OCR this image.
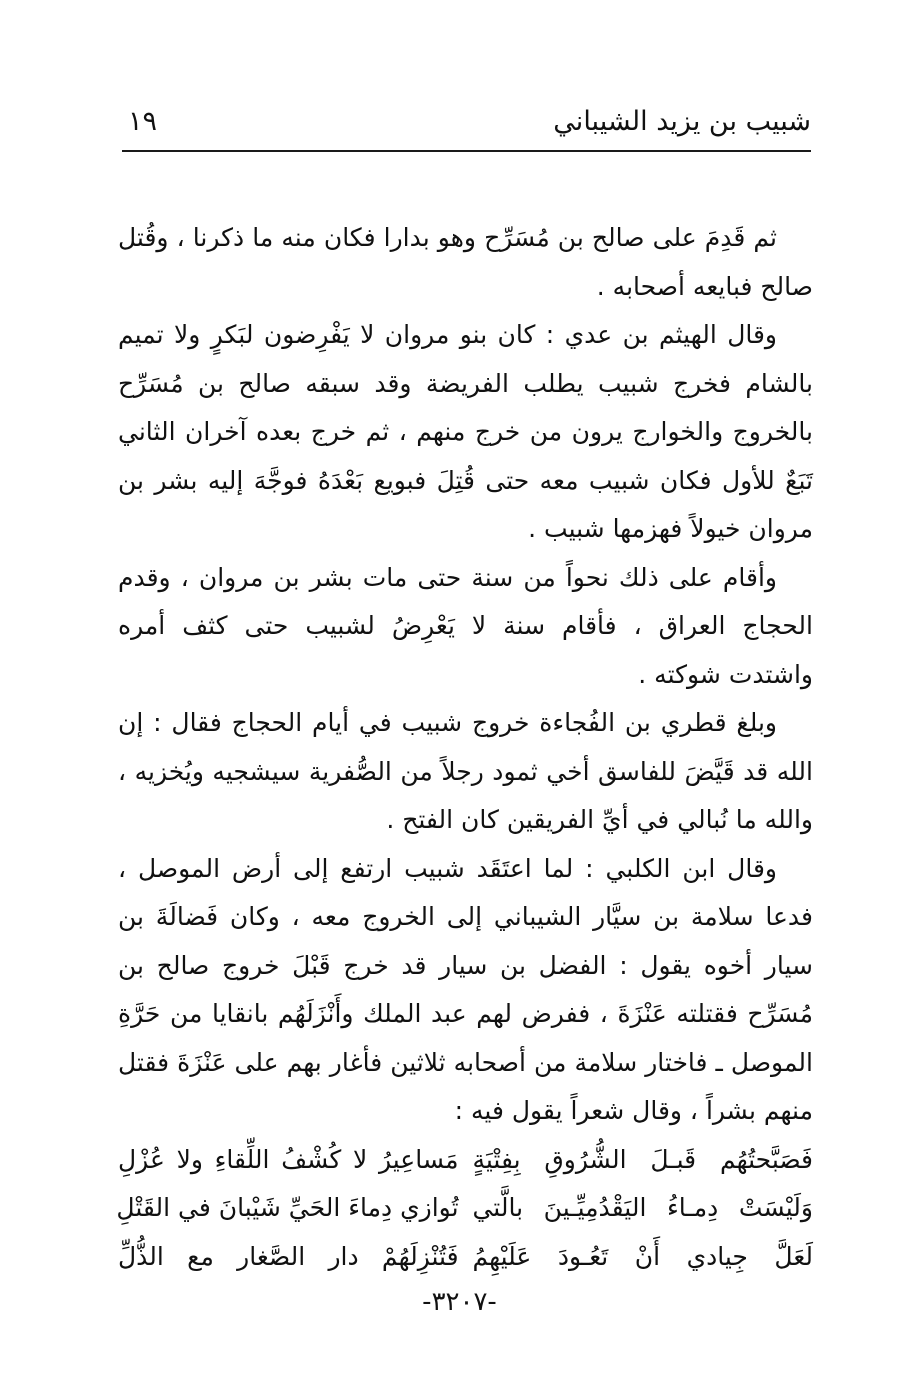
شبيب بن يزيد الشيباني
١٩

ثم قَدِمَ على صالح بن مُسَرِّح وهو بدارا فكان منه ما ذكرنا ، وقُتل صالح فبايعه أصحابه .

وقال الهيثم بن عدي : كان بنو مروان لا يَفْرِضون لبَكرٍ ولا تميم بالشام فخرج شبيب يطلب الفريضة وقد سبقه صالح بن مُسَرِّح بالخروج والخوارج يرون من خرج منهم ، ثم خرج بعده آخران الثاني تَبَعٌ للأول فكان شبيب معه حتى قُتِلَ فبويع بَعْدَهُ فوجَّهَ إليه بشر بن مروان خيولاً فهزمها شبيب .

وأقام على ذلك نحواً من سنة حتى مات بشر بن مروان ، وقدم الحجاج العراق ، فأقام سنة لا يَعْرِضُ لشبيب حتى كثف أمره واشتدت شوكته .

وبلغ قطري بن الفُجاءة خروج شبيب في أيام الحجاج فقال : إن الله قد قَيَّضَ للفاسق أخي ثمود رجلاً من الصُّفرية سيشجيه ويُخزيه ، والله ما نُبالي في أيِّ الفريقين كان الفتح .

وقال ابن الكلبي : لما اعتَقَد شبيب ارتفع إلى أرض الموصل ، فدعا سلامة بن سيَّار الشيباني إلى الخروج معه ، وكان فَضالَةَ بن سيار أخوه يقول : الفضل بن سيار قد خرج قَبْلَ خروج صالح بن مُسَرِّح فقتلته عَنْزَةَ ، ففرض لهم عبد الملك وأَنْزَلَهُم بانقايا من حَرَّةِ الموصل ـ فاختار سلامة من أصحابه ثلاثين فأغار بهم على عَنْزَةَ فقتل منهم بشراً ، وقال شعراً يقول فيه :

فَصَبَّحتُهُم قَبـلَ الشُّرُوقِ بِفِتْيَةٍ
مَساعِيرُ لا كُشْفُ اللِّقاءِ ولا عُزْلِ
وَلَيْسَتْ دِمـاءُ اليَقْدُمِيِّـينَ بالَّتي
تُوازي دِماءَ الحَيِّ شَيْبانَ في القَتْلِ
لَعَلَّ جِيادي أَنْ تَعُـودَ عَلَيْهِمُ
فَتُنْزِلَهُمْ دار الصَّغار مع الذُّلِّ
-٣٢٠٧-
